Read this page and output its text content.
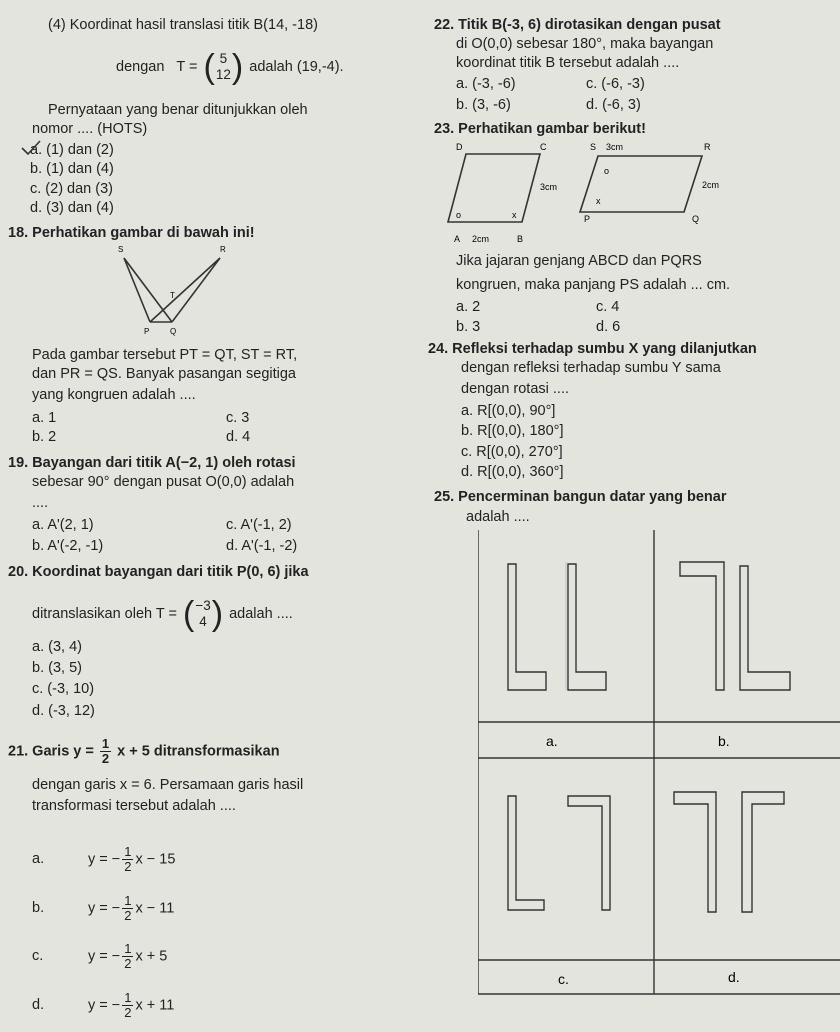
(4) Koordinat hasil translasi titik B(14, -18)
dengan T = ( 5
12 ) adalah (19,-4).
Pernyataan yang benar ditunjukkan oleh
nomor .... (HOTS)
a. (1) dan (2)
b. (1) dan (4)
c. (2) dan (3)
d. (3) dan (4)
18. Perhatikan gambar di bawah ini!
S	R
T
P	Q
Pada gambar tersebut PT = QT, ST = RT,
dan PR = QS. Banyak pasangan segitiga
yang kongruen adalah ....
a. 1	c. 3
b. 2	d. 4
19. Bayangan dari titik A(−2, 1) oleh rotasi
sebesar 90° dengan pusat O(0,0) adalah
....
a. A'(2, 1)	c. A'(-1, 2)
b. A'(-2, -1)	d. A'(-1, -2)
20. Koordinat bayangan dari titik P(0, 6) jika
ditranslasikan oleh T = ( −3
4 ) adalah ....
a. (3, 4)
b. (3, 5)
c. (-3, 10)
d. (-3, 12)
21. Garis $y = \frac{1}{2}$ x + 5 ditransformasikan
dengan garis x = 6. Persamaan garis hasil
transformasi tersebut adalah ....
a.	y = − $\frac{1}{2}$ x − 15
b.	y = − $\frac{1}{2}$ x − 11
c.	y = − $\frac{1}{2}$ x + 5
d.	y = − $\frac{1}{2}$ x + 11
22. Titik B(-3, 6) dirotasikan dengan pusat
di O(0,0) sebesar 180°, maka bayangan
koordinat titik B tersebut adalah ....
a. (-3, -6)	c. (-6, -3)
b. (3, -6)	d. (-6, 3)
23. Perhatikan gambar berikut!
D	C
A 2cm	B
3cm
o	x
S 3cm	R
2cm
P	Q
o
x
Jika jajaran genjang ABCD dan PQRS
kongruen, maka panjang PS adalah ... cm.
a. 2	c. 4
b. 3	d. 6
24. Refleksi terhadap sumbu X yang dilanjutkan
dengan refleksi terhadap sumbu Y sama
dengan rotasi ....
a. R[(0,0), 90°]
b. R[(0,0), 180°]
c. R[(0,0), 270°]
d. R[(0,0), 360°]
25. Pencerminan bangun datar yang benar
adalah ....
a.	b.
c.	d.
